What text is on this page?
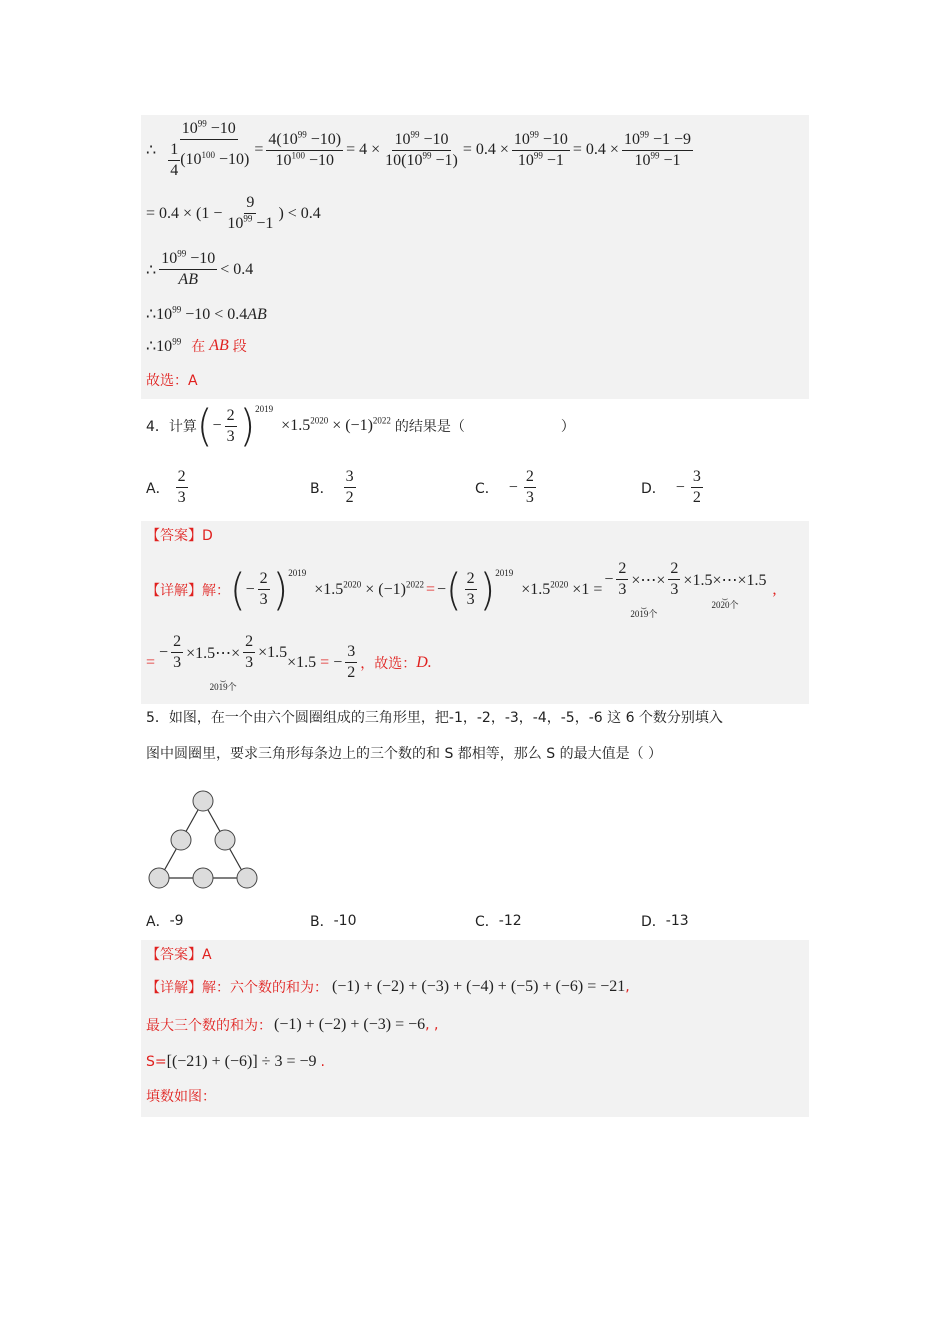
∴ $\frac{10^{99} -10}{\frac{1}{4} (10^{100} -10)} = \frac{4(10^{99} -10)}{10^{100} -10} = 4 \times \frac{10^{99} -10}{10(10^{99} -1)} = 0.4 \times \frac{10^{99} -10}{10^{99} -1} = 0.4 \times \frac{10^{99} -1 -9}{10^{99} -1}$
= $0.4 \times (1 - \frac{9}{10^{99} -1}$ ) < 0.4
∴ $\frac{10^{99} -10}{AB} < 0.4$
$\therefore 10^{99} -10 < 0.4AB$
$\therefore 10^{99}$ 在 AB 段
故选：A
4． 计算 ( − $\frac{2}{3}$ ) 2019
$\times 1.5^{2020} \times (-1)^{2022}$ 的结果是（	）
A． $\frac{2}{3}$	B． $\frac{3}{2}$	C． − $\frac{2}{3}$	D． − $\frac{3}{2}$
【答案】D
【详解】 解： ( − $\frac{2}{3}$ ) 2019
$\times 1.5^{2020} \times (-1)^{2022}$ = − ( $\frac{2}{3}$ ) 2019
$\times 1.5^{2020} \times 1$ =
− $\frac{2}{3}$ ×⋯× $\frac{2}{3}$
⏟
2019个
×1.5×⋯×1.5
⏟
2020个
,
=
− $\frac{2}{3}$ ×1.5⋯× $\frac{2}{3} \times 1.5$
⏟
2019个
×1.5 = − $\frac{3}{2}$ ，故选： D.
5． 如图，在一个由六个圆圈组成的三角形里，把-1，-2，-3，-4，-5，-6 这 6 个数分别填入
图中圆圈里，要求三角形每条边上的三个数的和 S 都相等，那么 S 的最大值是（ ）
A． -9	B． -10	C． -12	D． -13
【答案】A
【详解】 解：六个数的和为： (−1) + (−2) + (−3) + (−4) + (−5) + (−6) = −21 ,
最大三个数的和为： (−1) + (−2) + (−3) = −6 , ,
S= [(−21) + (−6)] ÷ 3 = −9 .
填数如图：
